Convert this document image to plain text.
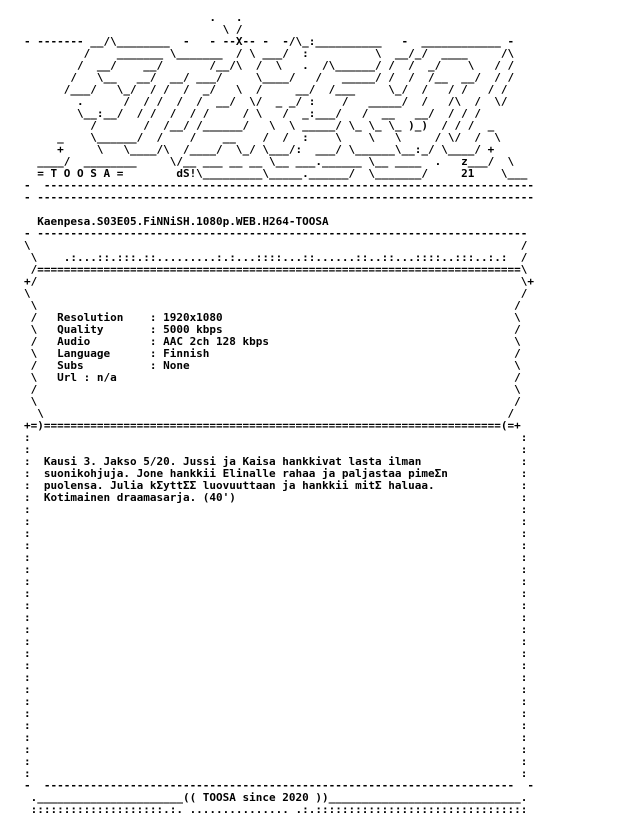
.   .
\ /
- ------- __/\________  -   - --X-- -  -/\_:__________   -  ____________ -
/    _______ \_______  / \ ___/  :          \  __/_/  ____     /\
/  __/    __/       /__/\  /  \   .  /\______/ /  /  _/    \   / /
/   \__   __/  __/ ___/     \____/   /   _____/ /  /  /__  __/  / /
/___/   \_/  / /  /  _/   \  /     __/  /___     \_/  /   / /   / /
.      /  / /  /  /  __/  \/  _ _/ :    /   _____/  /   /\  /  \/
\__:__/  / /  /  / /     / \   /  _:___/   /  __   __/  / / /
/       /  /__/ /______/   \  \ _____/ \_ \_ \_ )_)  / / /  _
_    \______/  /    /    __    /  /  :    \    \   \     / \/  /  \
+     \   \____/\  /____/  \_/ \___/:  ___/ \______\__:_/ \____/ +
____/  ________     \/__ ___ __ __ \__ ___.______ \__ ____  .   z___/  \
= T O O S A =        dS!\_________\_____.______/  \_______/     21    \___
-  --------------------------------------------------------------------------
- ---------------------------------------------------------------------------

Kaenpesa.S03E05.FiNNiSH.1080p.WEB.H264-TOOSA
- --------------------------------------------------------------------------
\                                                                          /
\    .:...::.:::.::.........:.:...::::...::......::..::...::::..:::..:.:  /
/=========================================================================\
+/                                                                         \+
\                                                                          /
\                                                                        /
/   Resolution    : 1920x1080                                            \
\   Quality       : 5000 kbps                                            /
/   Audio         : AAC 2ch 128 kbps                                     \
\   Language      : Finnish                                              /
/   Subs          : None                                                 \
\   Url : n/a                                                            /
/                                                                        \
\                                                                        /
\                                                                      /
+=)=====================================================================(=+
:                                                                          :
:                                                                          :
:  Kausi 3. Jakso 5/20. Jussi ja Kaisa hankkivat lasta ilman               :
:  suonikohjuja. Jone hankkii Elinalle rahaa ja paljastaa pimeΣn           :
:  puolensa. Julia kΣyttΣΣ luovuuttaan ja hankkii mitΣ haluaa.             :
:  Kotimainen draamasarja. (40')                                           :
:                                                                          :
:                                                                          :
:                                                                          :
:                                                                          :
:                                                                          :
:                                                                          :
:                                                                          :
:                                                                          :
:                                                                          :
:                                                                          :
:                                                                          :
:                                                                          :
:                                                                          :
:                                                                          :
:                                                                          :
:                                                                          :
:                                                                          :
:                                                                          :
:                                                                          :
:                                                                          :
:                                                                          :
:                                                                          :
:                                                                          :
-  -----------------------------------------------------------------------  -
.______________________(( TOOSA since 2020 ))_____________________________.
::::::::::::::::::::.:. ............... .:.::::::::::::::::::::::::::::::::
